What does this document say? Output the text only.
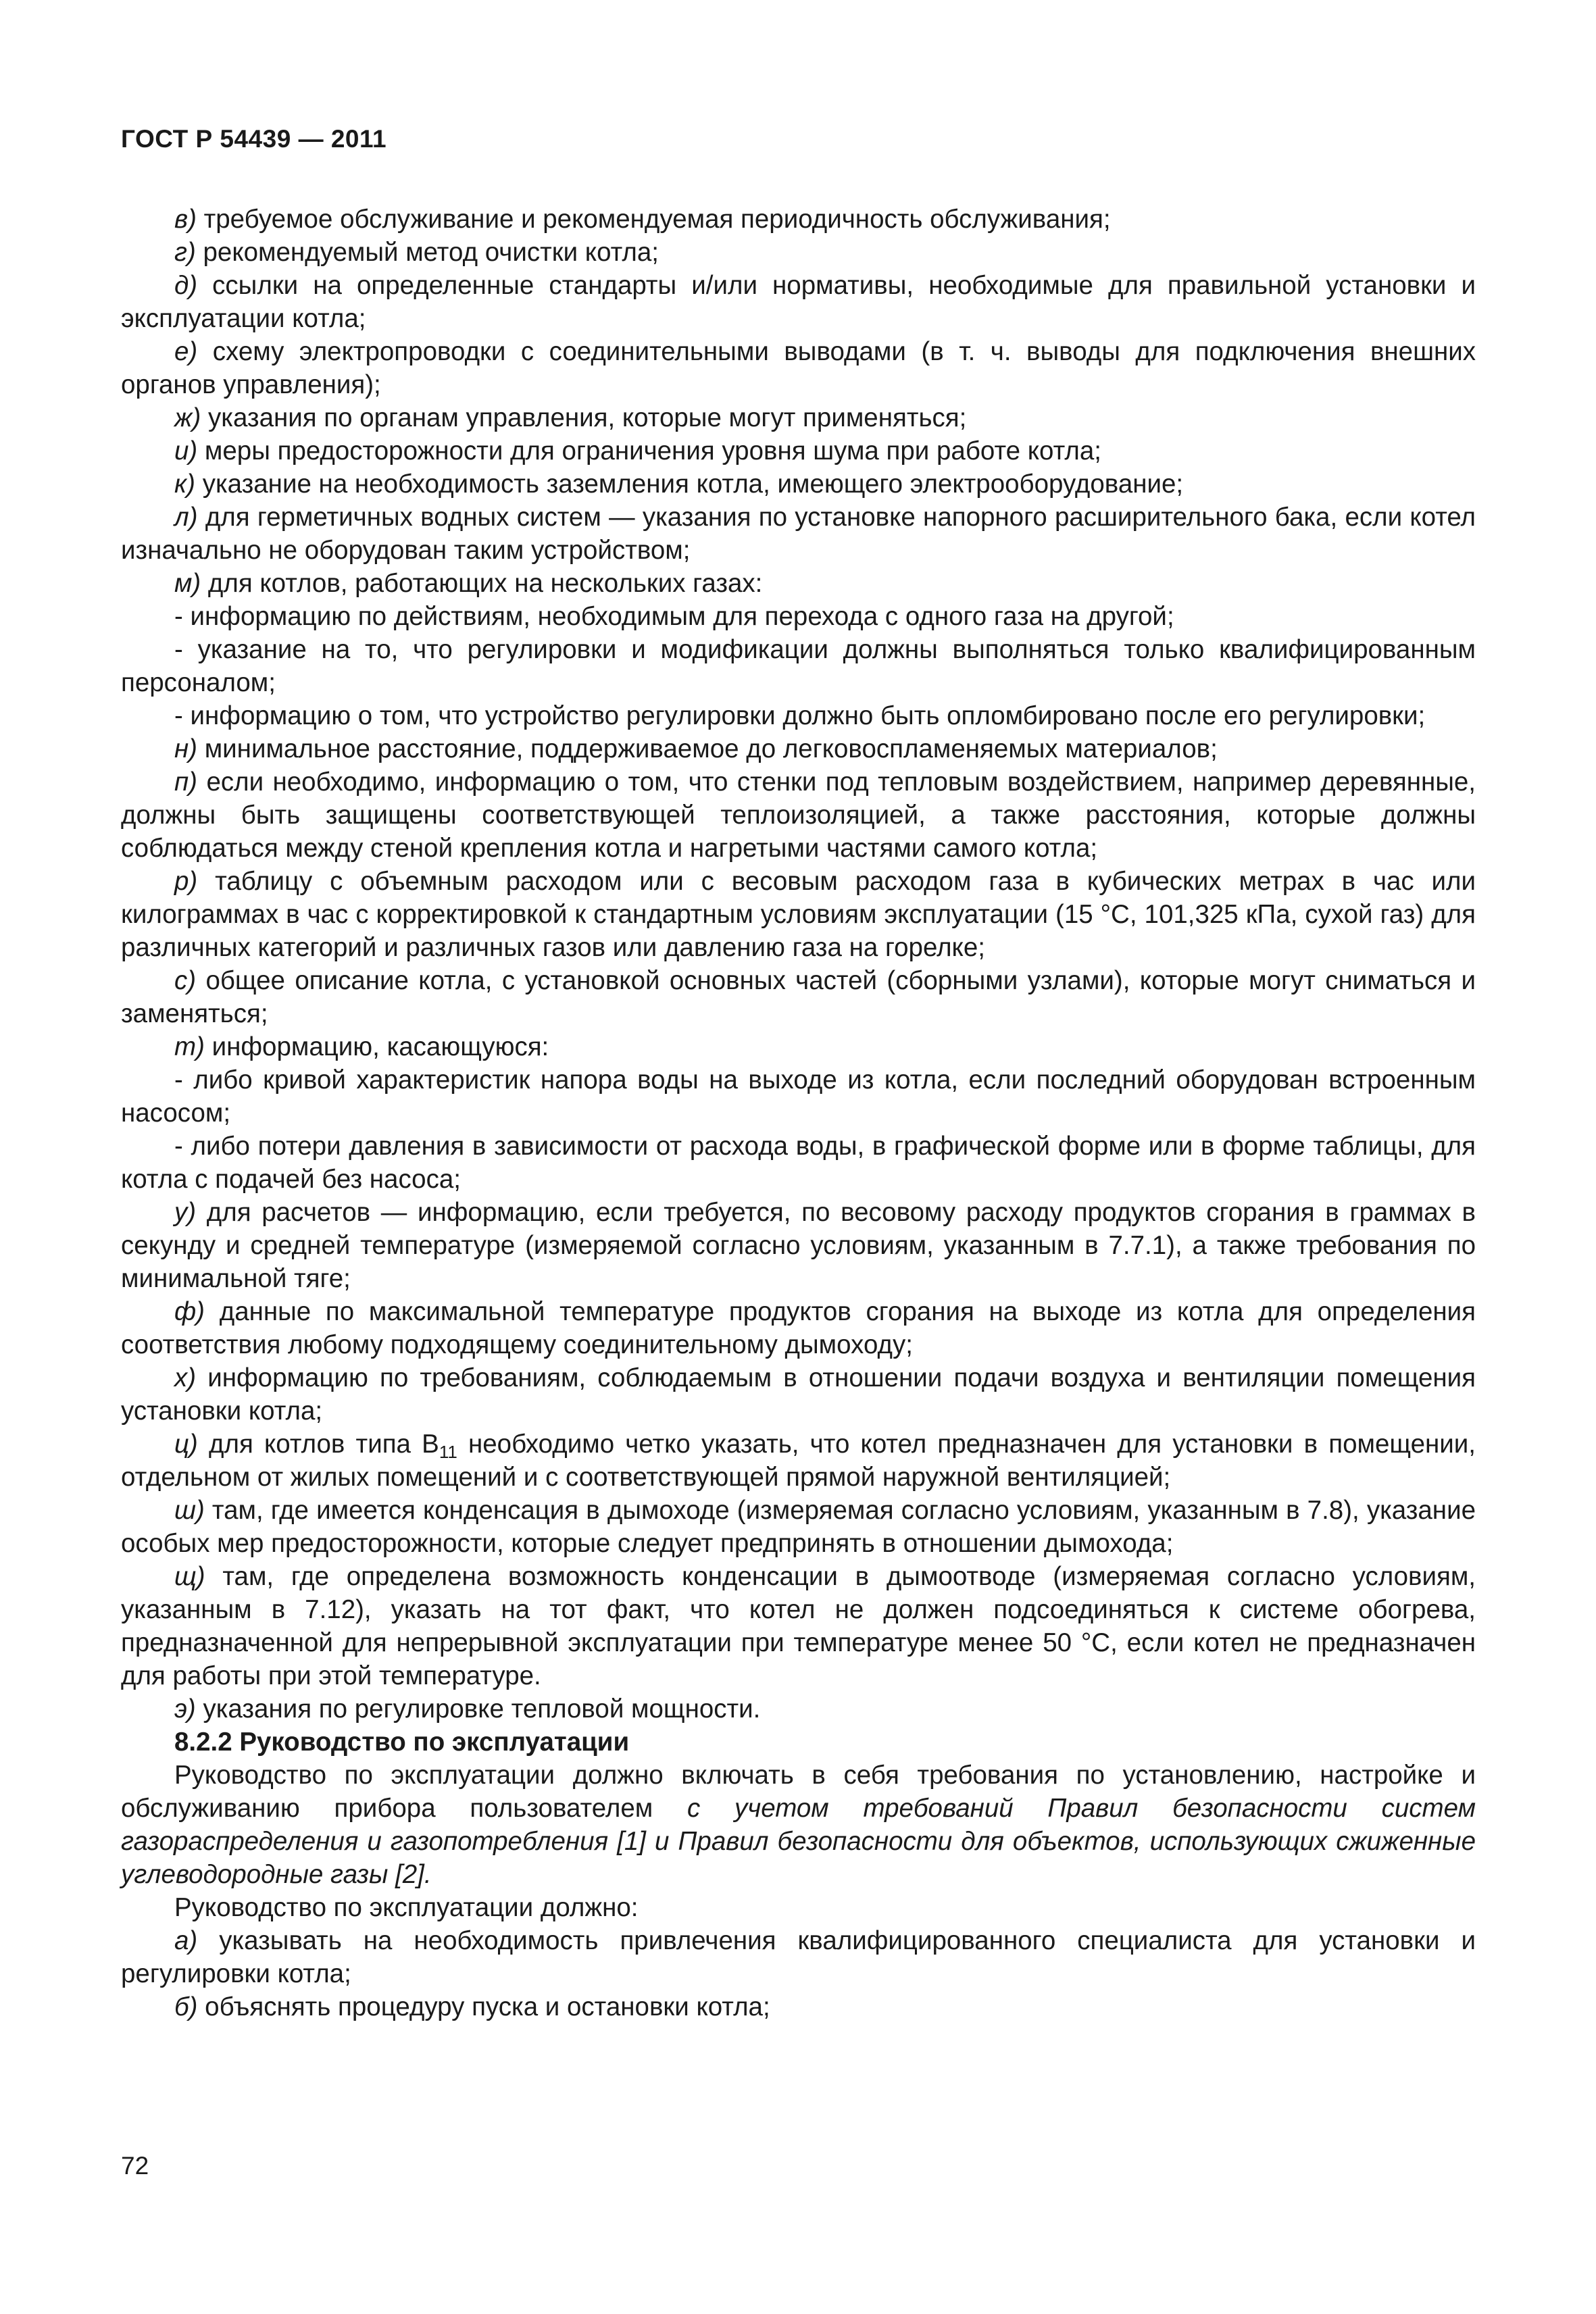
ГОСТ Р 54439 — 2011

в) требуемое обслуживание и рекомендуемая периодичность обслуживания;

г) рекомендуемый метод очистки котла;

д) ссылки на определенные стандарты и/или нормативы, необходимые для правильной установки и эксплуатации котла;

е) схему электропроводки с соединительными выводами (в т. ч. выводы для подключения внешних органов управления);

ж) указания по органам управления, которые могут применяться;

и) меры предосторожности для ограничения уровня шума при работе котла;

к) указание на необходимость заземления котла, имеющего электрооборудование;

л) для герметичных водных систем — указания по установке напорного расширительного бака, если котел изначально не оборудован таким устройством;

м) для котлов, работающих на нескольких газах:

- информацию по действиям, необходимым для перехода с одного газа на другой;

- указание на то, что регулировки и модификации должны выполняться только квалифицированным персоналом;

- информацию о том, что устройство регулировки должно быть опломбировано после его регулировки;

н) минимальное расстояние, поддерживаемое до легковоспламеняемых материалов;

п) если необходимо, информацию о том, что стенки под тепловым воздействием, например деревянные, должны быть защищены соответствующей теплоизоляцией, а также расстояния, которые должны соблюдаться между стеной крепления котла и нагретыми частями самого котла;

р) таблицу с объемным расходом или с весовым расходом газа в кубических метрах в час или килограммах в час с корректировкой к стандартным условиям эксплуатации (15 °С, 101,325 кПа, сухой газ) для различных категорий и различных газов или давлению газа на горелке;

с) общее описание котла, с установкой основных частей (сборными узлами), которые могут сниматься и заменяться;

т) информацию, касающуюся:

- либо кривой характеристик напора воды на выходе из котла, если последний оборудован встроенным насосом;

- либо потери давления в зависимости от расхода воды, в графической форме или в форме таблицы, для котла с подачей без насоса;

у) для расчетов — информацию, если требуется, по весовому расходу продуктов сгорания в граммах в секунду и средней температуре (измеряемой согласно условиям, указанным в 7.7.1), а также требования по минимальной тяге;

ф) данные по максимальной температуре продуктов сгорания на выходе из котла для определения соответствия любому подходящему соединительному дымоходу;

х) информацию по требованиям, соблюдаемым в отношении подачи воздуха и вентиляции помещения установки котла;

ц) для котлов типа $В_{11}$ необходимо четко указать, что котел предназначен для установки в помещении, отдельном от жилых помещений и с соответствующей прямой наружной вентиляцией;

ш) там, где имеется конденсация в дымоходе (измеряемая согласно условиям, указанным в 7.8), указание особых мер предосторожности, которые следует предпринять в отношении дымохода;

щ) там, где определена возможность конденсации в дымоотводе (измеряемая согласно условиям, указанным в 7.12), указать на тот факт, что котел не должен подсоединяться к системе обогрева, предназначенной для непрерывной эксплуатации при температуре менее 50 °С, если котел не предназначен для работы при этой температуре.

э) указания по регулировке тепловой мощности.

8.2.2 Руководство по эксплуатации

Руководство по эксплуатации должно включать в себя требования по установлению, настройке и обслуживанию прибора пользователем с учетом требований Правил безопасности систем газораспределения и газопотребления [1] и Правил безопасности для объектов, использующих сжиженные углеводородные газы [2].

Руководство по эксплуатации должно:

а) указывать на необходимость привлечения квалифицированного специалиста для установки и регулировки котла;

б) объяснять процедуру пуска и остановки котла;

72
